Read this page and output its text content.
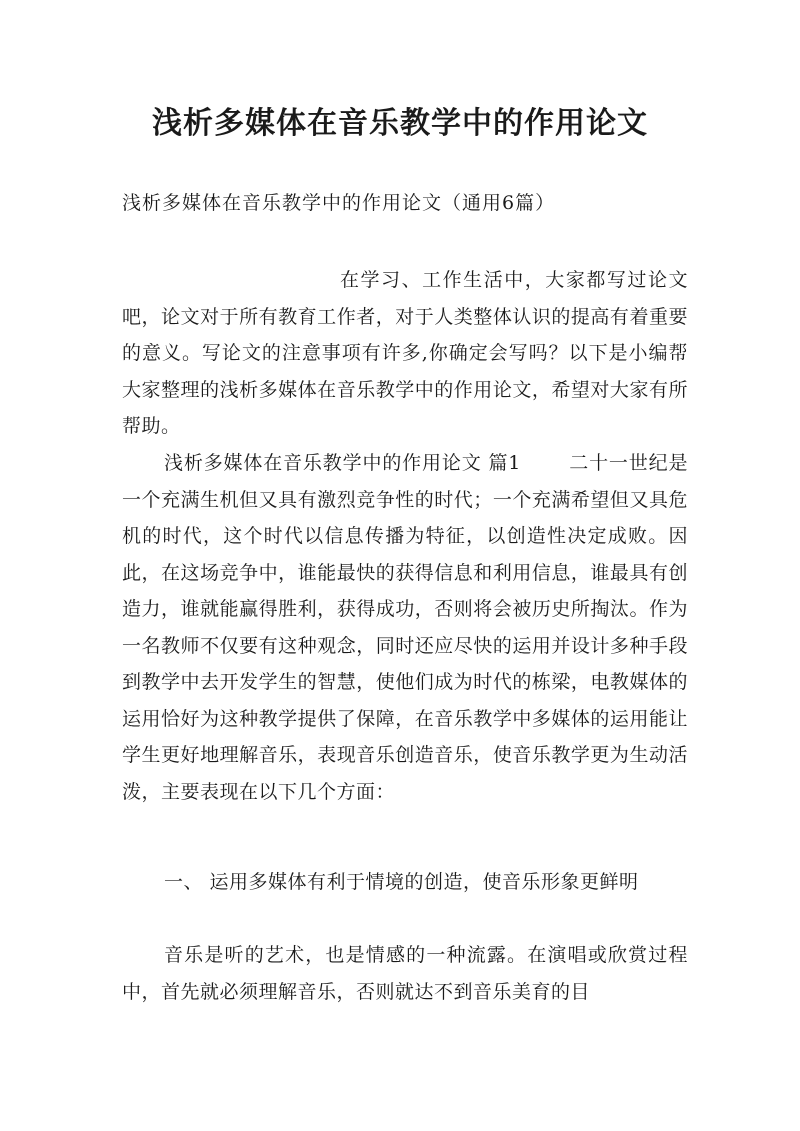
浅析多媒体在音乐教学中的作用论文

浅析多媒体在音乐教学中的作用论文（通用6篇）

在学习、工作生活中，大家都写过论文吧，论文对于所有教育工作者，对于人类整体认识的提高有着重要的意义。写论文的注意事项有许多,你确定会写吗？以下是小编帮大家整理的浅析多媒体在音乐教学中的作用论文，希望对大家有所帮助。

浅析多媒体在音乐教学中的作用论文 篇1	二十一世纪是一个充满生机但又具有激烈竞争性的时代；一个充满希望但又具危机的时代，这个时代以信息传播为特征，以创造性决定成败。因此，在这场竞争中，谁能最快的获得信息和利用信息，谁最具有创造力，谁就能赢得胜利，获得成功，否则将会被历史所掏汰。作为一名教师不仅要有这种观念，同时还应尽快的运用并设计多种手段到教学中去开发学生的智慧，使他们成为时代的栋梁，电教媒体的运用恰好为这种教学提供了保障，在音乐教学中多媒体的运用能让学生更好地理解音乐，表现音乐创造音乐，使音乐教学更为生动活泼，主要表现在以下几个方面：

一、 运用多媒体有利于情境的创造，使音乐形象更鲜明

音乐是听的艺术，也是情感的一种流露。在演唱或欣赏过程中，首先就必须理解音乐，否则就达不到音乐美育的目
